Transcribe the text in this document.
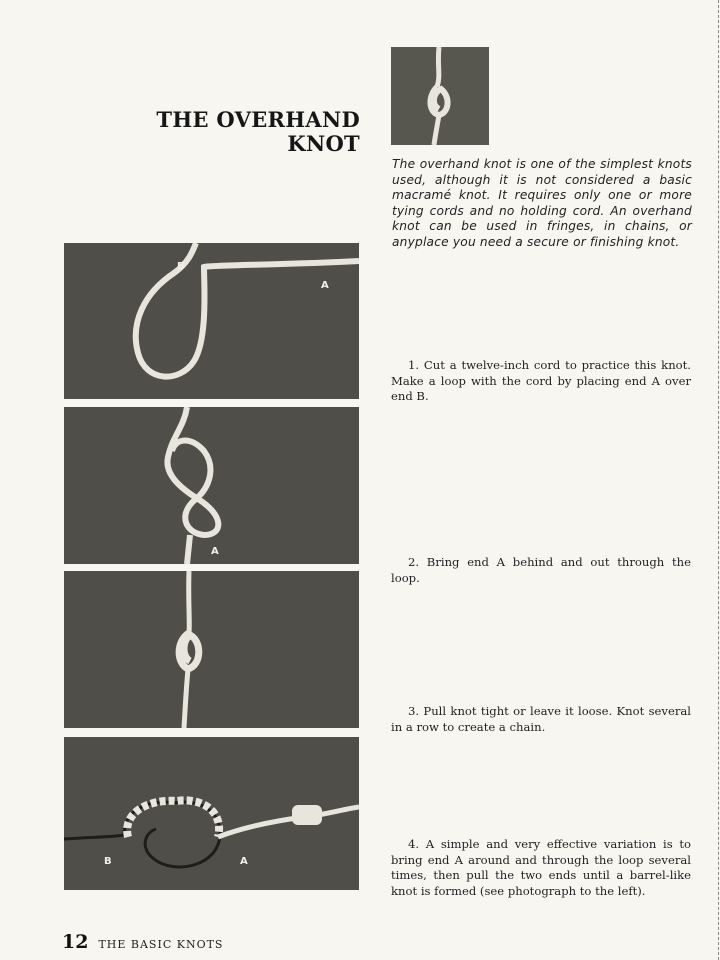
THE OVERHAND
KNOT
The overhand knot is one of the simplest knots used, although it is not considered a basic macramé knot. It requires only one or more tying cords and no holding cord. An overhand knot can be used in fringes, in chains, or anyplace you need a secure or finishing knot.
B
A
A
B	A

1. Cut a twelve-inch cord to practice this knot. Make a loop with the cord by placing end A over end B.

2. Bring end A behind and out through the loop.

3. Pull knot tight or leave it loose. Knot several in a row to create a chain.

4. A simple and very effective variation is to bring end A around and through the loop several times, then pull the two ends until a barrel-like knot is formed (see photograph to the left).

12 THE BASIC KNOTS
